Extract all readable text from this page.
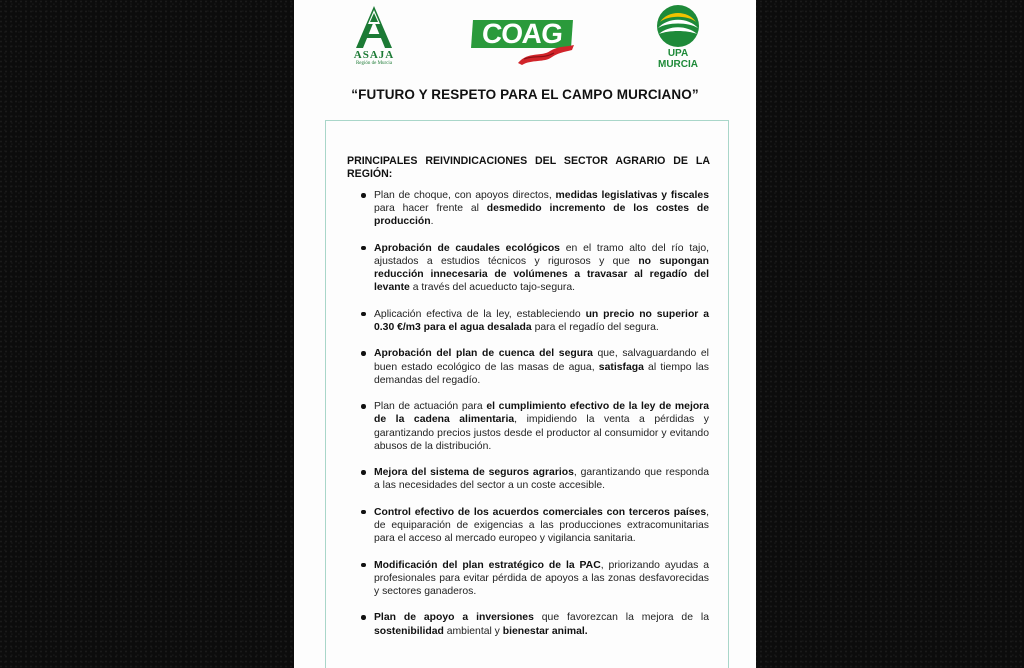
ASAJA
Región de Murcia
COAG
UPA
MURCIA
“FUTURO Y RESPETO PARA EL CAMPO MURCIANO”
PRINCIPALES REIVINDICACIONES DEL SECTOR AGRARIO DE LA REGIÓN:
Plan de choque, con apoyos directos, medidas legislativas y fiscales para hacer frente al desmedido incremento de los costes de producción.
Aprobación de caudales ecológicos en el tramo alto del río tajo, ajustados a estudios técnicos y rigurosos y que no supongan reducción innecesaria de volúmenes a travasar al regadío del levante a través del acueducto tajo-segura.
Aplicación efectiva de la ley, estableciendo un precio no superior a 0.30 €/m3 para el agua desalada para el regadío del segura.
Aprobación del plan de cuenca del segura que, salvaguardando el buen estado ecológico de las masas de agua, satisfaga al tiempo las demandas del regadío.
Plan de actuación para el cumplimiento efectivo de la ley de mejora de la cadena alimentaria, impidiendo la venta a pérdidas y garantizando precios justos desde el productor al consumidor y evitando abusos de la distribución.
Mejora del sistema de seguros agrarios, garantizando que responda a las necesidades del sector a un coste accesible.
Control efectivo de los acuerdos comerciales con terceros países, de equiparación de exigencias a las producciones extracomunitarias para el acceso al mercado europeo y vigilancia sanitaria.
Modificación del plan estratégico de la PAC, priorizando ayudas a profesionales para evitar pérdida de apoyos a las zonas desfavorecidas y sectores ganaderos.
Plan de apoyo a inversiones que favorezcan la mejora de la sostenibilidad ambiental y bienestar animal.
